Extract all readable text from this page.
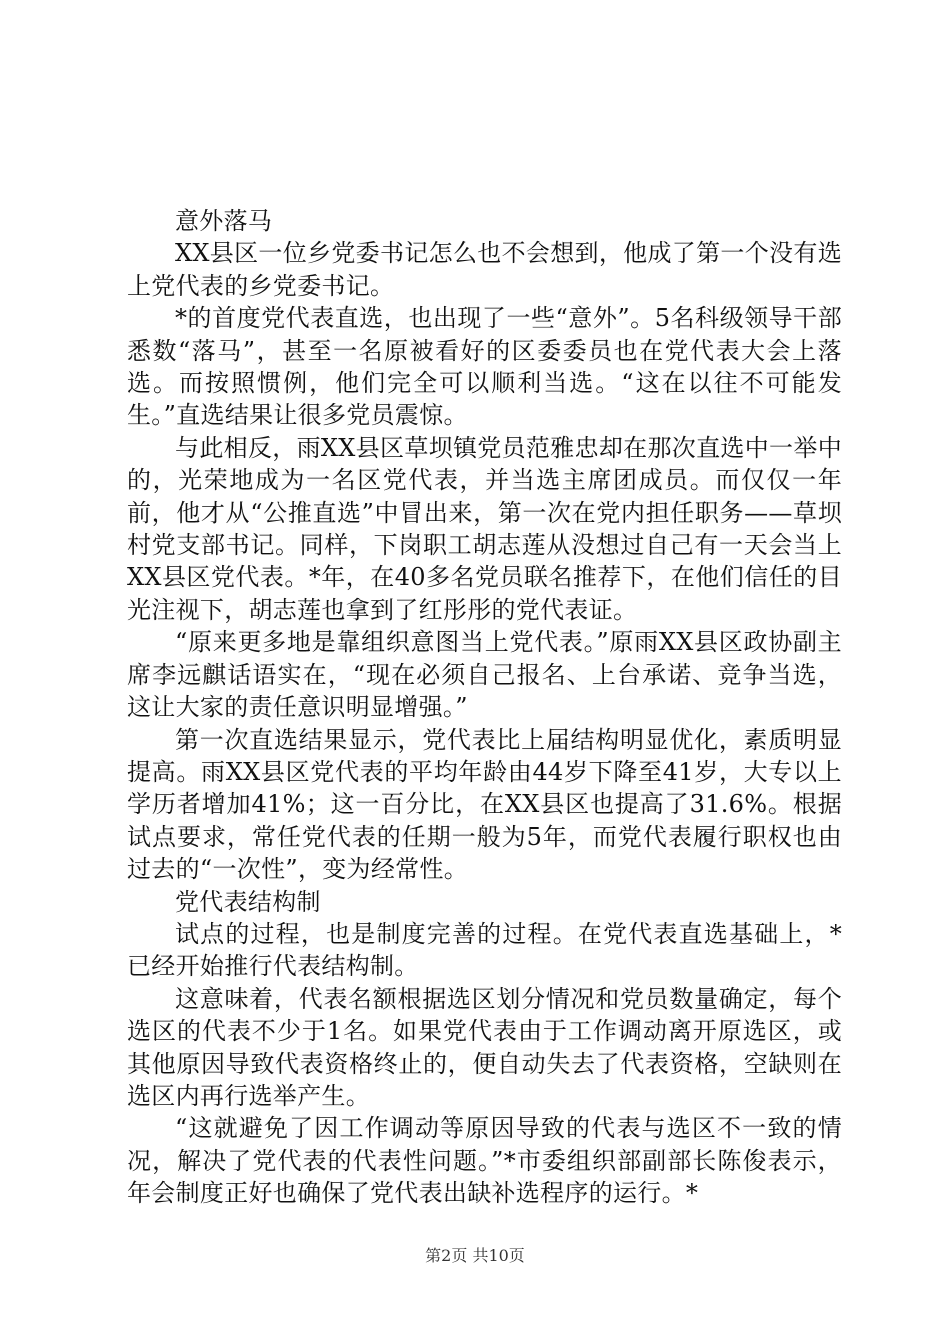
意外落马

XX县区一位乡党委书记怎么也不会想到，他成了第一个没有选上党代表的乡党委书记。

*的首度党代表直选，也出现了一些“意外”。5名科级领导干部悉数“落马”，甚至一名原被看好的区委委员也在党代表大会上落选。而按照惯例，他们完全可以顺利当选。“这在以往不可能发生。”直选结果让很多党员震惊。

与此相反，雨XX县区草坝镇党员范雅忠却在那次直选中一举中的，光荣地成为一名区党代表，并当选主席团成员。而仅仅一年前，他才从“公推直选”中冒出来，第一次在党内担任职务——草坝村党支部书记。同样，下岗职工胡志莲从没想过自己有一天会当上XX县区党代表。*年，在40多名党员联名推荐下，在他们信任的目光注视下，胡志莲也拿到了红彤彤的党代表证。

“原来更多地是靠组织意图当上党代表。”原雨XX县区政协副主席李远麒话语实在，“现在必须自己报名、上台承诺、竞争当选，这让大家的责任意识明显增强。”

第一次直选结果显示，党代表比上届结构明显优化，素质明显提高。雨XX县区党代表的平均年龄由44岁下降至41岁，大专以上学历者增加41%；这一百分比，在XX县区也提高了31.6%。根据试点要求，常任党代表的任期一般为5年，而党代表履行职权也由过去的“一次性”，变为经常性。

党代表结构制

试点的过程，也是制度完善的过程。在党代表直选基础上，*已经开始推行代表结构制。

这意味着，代表名额根据选区划分情况和党员数量确定，每个选区的代表不少于1名。如果党代表由于工作调动离开原选区，或其他原因导致代表资格终止的，便自动失去了代表资格，空缺则在选区内再行选举产生。

“这就避免了因工作调动等原因导致的代表与选区不一致的情况，解决了党代表的代表性问题。”*市委组织部副部长陈俊表示，年会制度正好也确保了党代表出缺补选程序的运行。*

第2页 共10页
